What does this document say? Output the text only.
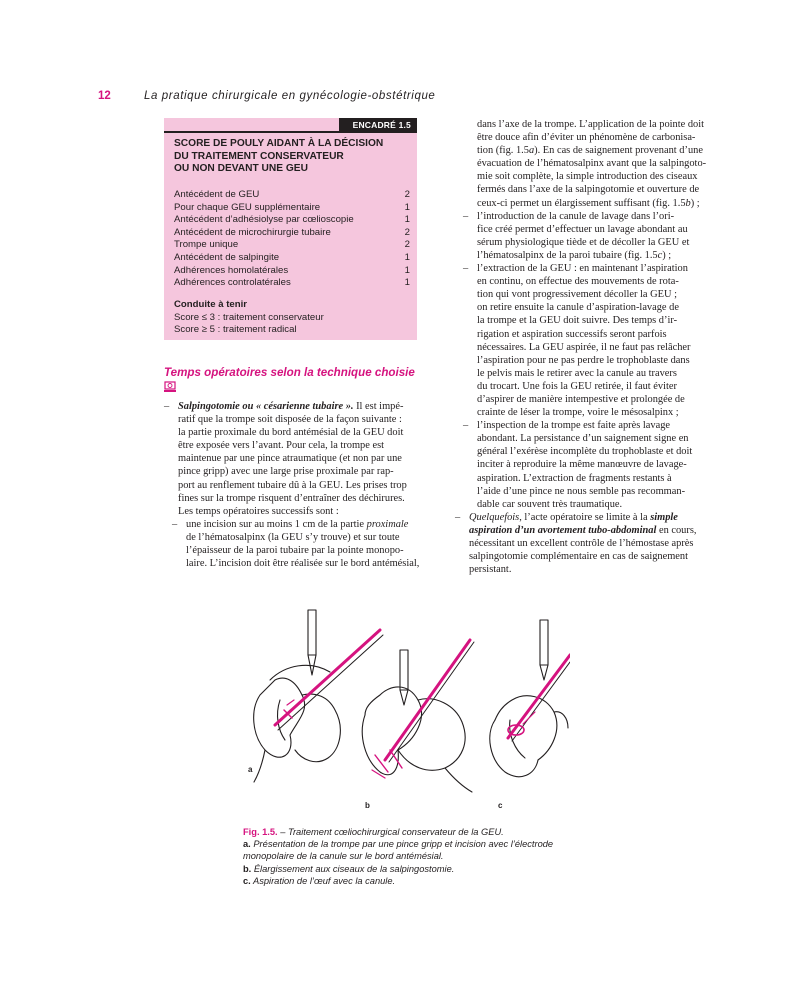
12	La pratique chirurgicale en gynécologie-obstétrique
ENCADRÉ 1.5
SCORE DE POULY AIDANT À LA DÉCISION
DU TRAITEMENT CONSERVATEUR
OU NON DEVANT UNE GEU
Antécédent de GEU	2
Pour chaque GEU supplémentaire	1
Antécédent d’adhésiolyse par cœlioscopie	1
Antécédent de microchirurgie tubaire	2
Trompe unique	2
Antécédent de salpingite	1
Adhérences homolatérales	1
Adhérences controlatérales	1
Conduite à tenir
Score ≤ 3 : traitement conservateur
Score ≥ 5 : traitement radical
Temps opératoires selon la technique choisie
– Salpingotomie ou « césarienne tubaire ». Il est impé-
ratif que la trompe soit disposée de la façon suivante :
la partie proximale du bord antémésial de la GEU doit
être exposée vers l’avant. Pour cela, la trompe est
maintenue par une pince atraumatique (et non par une
pince gripp) avec une large prise proximale par rap-
port au renflement tubaire dû à la GEU. Les prises trop
fines sur la trompe risquent d’entraîner des déchirures.
Les temps opératoires successifs sont :
– une incision sur au moins 1 cm de la partie proximale
de l’hématosalpinx (la GEU s’y trouve) et sur toute
l’épaisseur de la paroi tubaire par la pointe monopo-
laire. L’incision doit être réalisée sur le bord antémésial,
dans l’axe de la trompe. L’application de la pointe doit
être douce afin d’éviter un phénomène de carbonisa-
tion (fig. 1.5a). En cas de saignement provenant d’une
évacuation de l’hématosalpinx avant que la salpingoto-
mie soit complète, la simple introduction des ciseaux
fermés dans l’axe de la salpingotomie et ouverture de
ceux-ci permet un élargissement suffisant (fig. 1.5b) ;
– l’introduction de la canule de lavage dans l’ori-
fice créé permet d’effectuer un lavage abondant au
sérum physiologique tiède et de décoller la GEU et
l’hématosalpinx de la paroi tubaire (fig. 1.5c) ;
– l’extraction de la GEU : en maintenant l’aspiration
en continu, on effectue des mouvements de rota-
tion qui vont progressivement décoller la GEU ;
on retire ensuite la canule d’aspiration-lavage de
la trompe et la GEU doit suivre. Des temps d’ir-
rigation et aspiration successifs seront parfois
nécessaires. La GEU aspirée, il ne faut pas relâcher
l’aspiration pour ne pas perdre le trophoblaste dans
le pelvis mais le retirer avec la canule au travers
du trocart. Une fois la GEU retirée, il faut éviter
d’aspirer de manière intempestive et prolongée de
crainte de léser la trompe, voire le mésosalpinx ;
– l’inspection de la trompe est faite après lavage
abondant. La persistance d’un saignement signe en
général l’exérèse incomplète du trophoblaste et doit
inciter à reproduire la même manœuvre de lavage-
aspiration. L’extraction de fragments restants à
l’aide d’une pince ne nous semble pas recomman-
dable car souvent très traumatique.
– Quelquefois, l’acte opératoire se limite à la simple
aspiration d’un avortement tubo-abdominal en cours,
nécessitant un excellent contrôle de l’hémostase après
salpingotomie complémentaire en cas de saignement
persistant.
a
b	c
Fig. 1.5. – Traitement cœliochirurgical conservateur de la GEU.
a. Présentation de la trompe par une pince gripp et incision avec l’électrode
monopolaire de la canule sur le bord antémésial.
b. Élargissement aux ciseaux de la salpingostomie.
c. Aspiration de l’œuf avec la canule.
